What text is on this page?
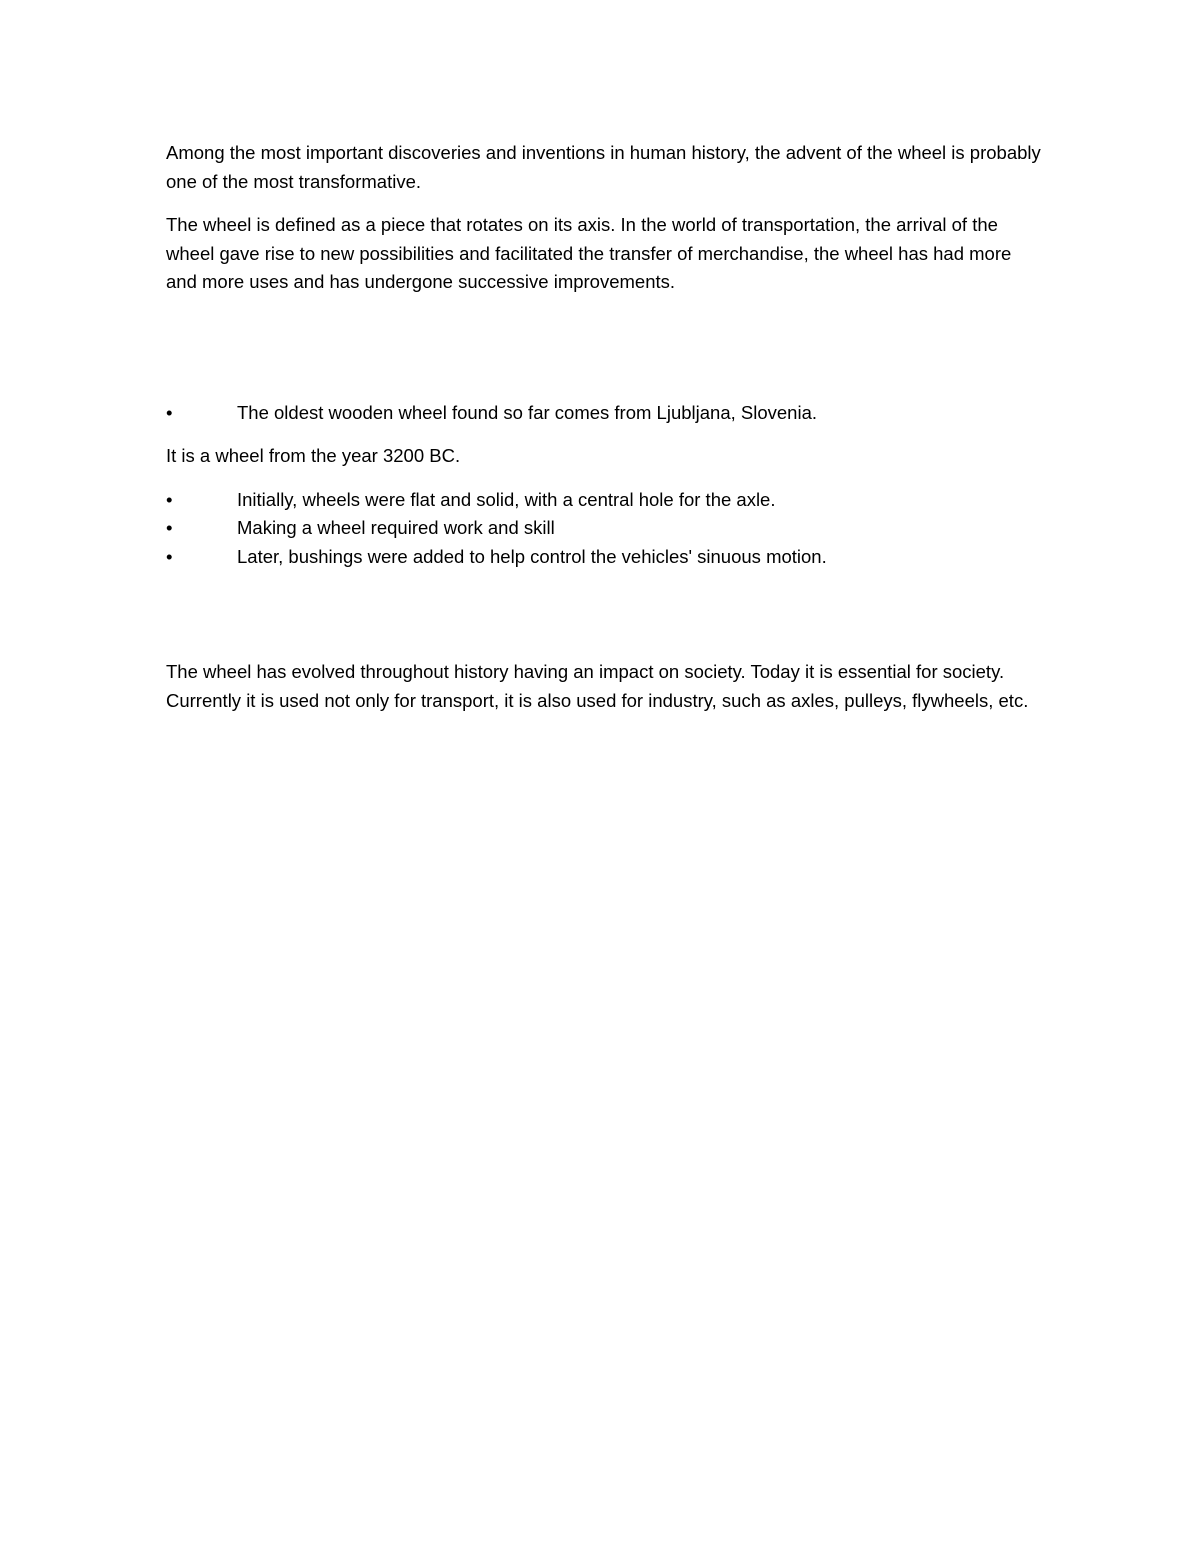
Among the most important discoveries and inventions in human history, the advent of the wheel is probably one of the most transformative.

The wheel is defined as a piece that rotates on its axis. In the world of transportation, the arrival of the wheel gave rise to new possibilities and facilitated the transfer of merchandise, the wheel has had more and more uses and has undergone successive improvements.

•	The oldest wooden wheel found so far comes from Ljubljana, Slovenia.

It is a wheel from the year 3200 BC.

•	Initially, wheels were flat and solid, with a central hole for the axle.
•	Making a wheel required work and skill
•	Later, bushings were added to help control the vehicles' sinuous motion.

The wheel has evolved throughout history having an impact on society. Today it is essential for society. Currently it is used not only for transport, it is also used for industry, such as axles, pulleys, flywheels, etc.
